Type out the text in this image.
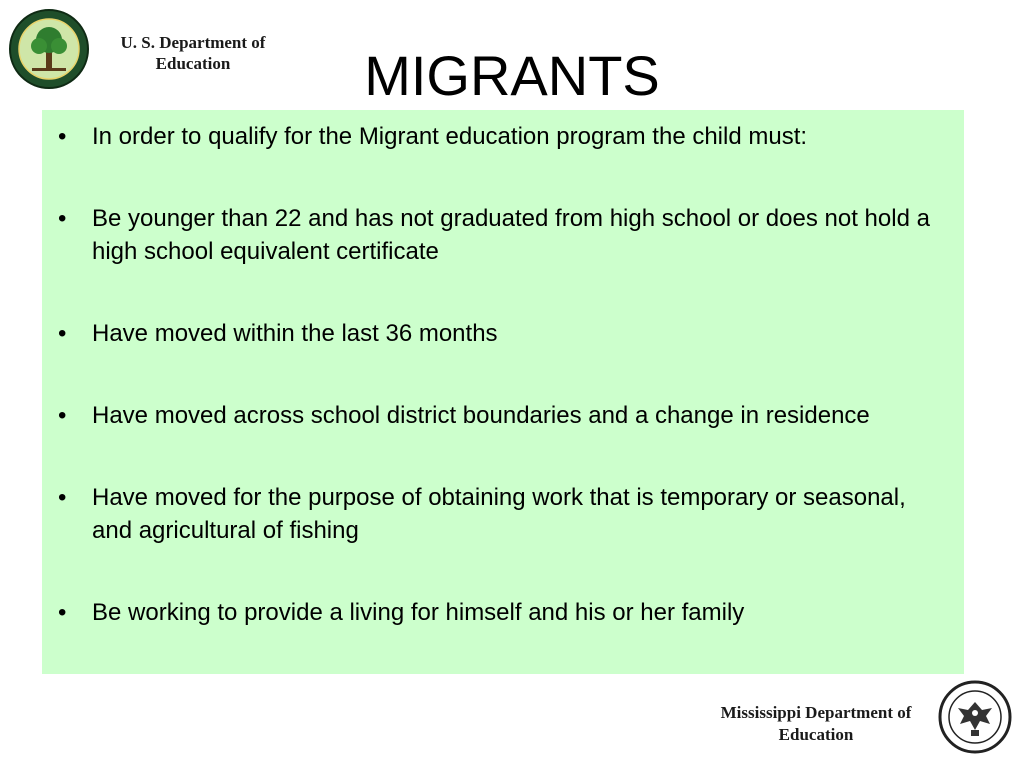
U. S. Department of
Education	MIGRANTS
• In order to qualify for the Migrant education program the child must:
• Be younger than 22 and has not graduated from high school or does not hold a high school equivalent certificate
• Have moved within the last 36 months
• Have moved across school district boundaries and a change in residence
• Have moved for the purpose of obtaining work that is temporary or seasonal, and agricultural of fishing
• Be working to provide a living for himself and his or her family
Mississippi Department of
Education
